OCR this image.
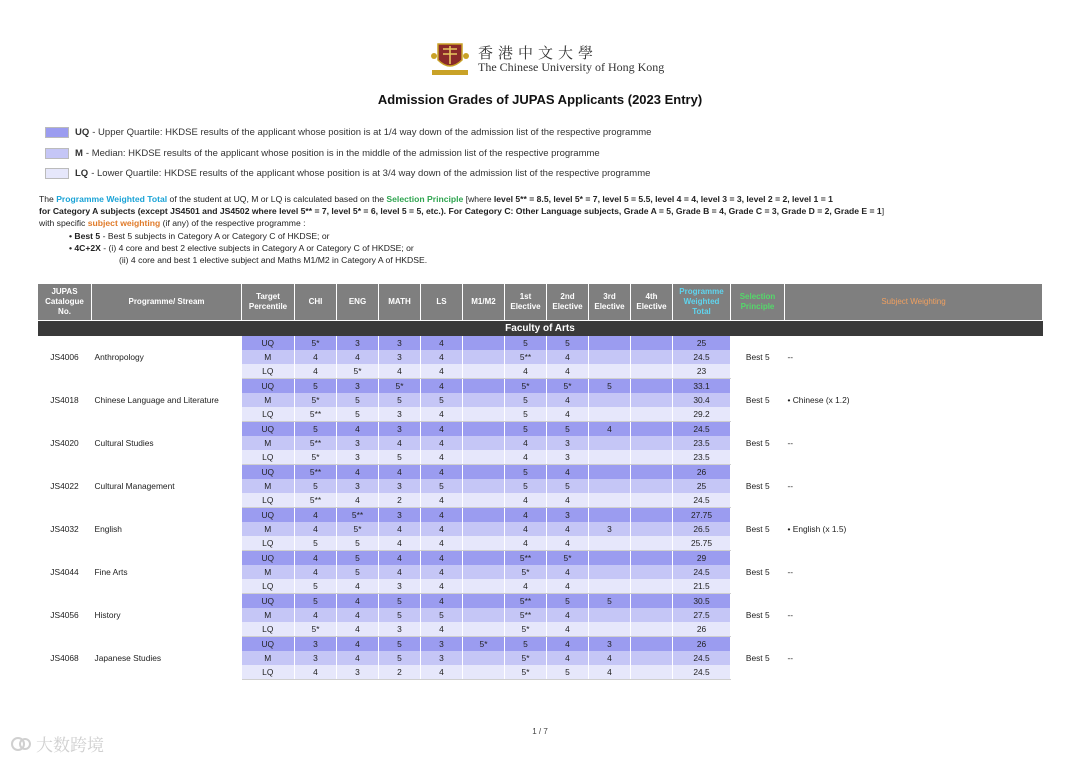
香港中文大學
The Chinese University of Hong Kong
Admission Grades of JUPAS Applicants (2023 Entry)
UQ - Upper Quartile: HKDSE results of the applicant whose position is at 1/4 way down of the admission list of the respective programme
M - Median: HKDSE results of the applicant whose position is in the middle of the admission list of the respective programme
LQ - Lower Quartile: HKDSE results of the applicant whose position is at 3/4 way down of the admission list of the respective programme
The Programme Weighted Total of the student at UQ, M or LQ is calculated based on the Selection Principle [where level 5** = 8.5, level 5* = 7, level 5 = 5.5, level 4 = 4, level 3 = 3, level 2 = 2, level 1 = 1
for Category A subjects (except JS4501 and JS4502 where level 5** = 7, level 5* = 6, level 5 = 5, etc.). For Category C: Other Language subjects, Grade A = 5, Grade B = 4, Grade C = 3, Grade D = 2, Grade E = 1]
with specific subject weighting (if any) of the respective programme :
• Best 5 - Best 5 subjects in Category A or Category C of HKDSE; or
• 4C+2X - (i) 4 core and best 2 elective subjects in Category A or Category C of HKDSE; or
(ii) 4 core and best 1 elective subject and Maths M1/M2 in Category A of HKDSE.
JUPAS Catalogue No.	Programme/ Stream	Target Percentile	CHI	ENG	MATH	LS	M1/M2	1st Elective	2nd Elective	3rd Elective	4th Elective	Programme Weighted Total	Selection Principle	Subject Weighting
Faculty of Arts														
JS4006	Anthropology	UQ	5*	3	3	4		5	5			25	Best 5	--
		M	4	4	3	4		5**	4			24.5		
		LQ	4	5*	4	4		4	4			23		
JS4018	Chinese Language and Literature	UQ	5	3	5*	4		5*	5*	5		33.1	Best 5	• Chinese (x 1.2)
		M	5*	5	5	5		5	4			30.4		
		LQ	5**	5	3	4		5	4			29.2		
JS4020	Cultural Studies	UQ	5	4	3	4		5	5	4		24.5	Best 5	--
		M	5**	3	4	4		4	3			23.5		
		LQ	5*	3	5	4		4	3			23.5		
JS4022	Cultural Management	UQ	5**	4	4	4		5	4			26	Best 5	--
		M	5	3	3	5		5	5			25		
		LQ	5**	4	2	4		4	4			24.5		
JS4032	English	UQ	4	5**	3	4		4	3			27.75	Best 5	• English (x 1.5)
		M	4	5*	4	4		4	4	3		26.5		
		LQ	5	5	4	4		4	4			25.75		
JS4044	Fine Arts	UQ	4	5	4	4		5**	5*			29	Best 5	--
		M	4	5	4	4		5*	4			24.5		
		LQ	5	4	3	4		4	4			21.5		
JS4056	History	UQ	5	4	5	4		5**	5	5		30.5	Best 5	--
		M	4	4	5	5		5**	4			27.5		
		LQ	5*	4	3	4		5*	4			26		
JS4068	Japanese Studies	UQ	3	4	5	3	5*	5	4	3		26	Best 5	--
		M	3	4	5	3		5*	4	4		24.5		
		LQ	4	3	2	4		5*	5	4		24.5		
1 / 7
大数跨境
